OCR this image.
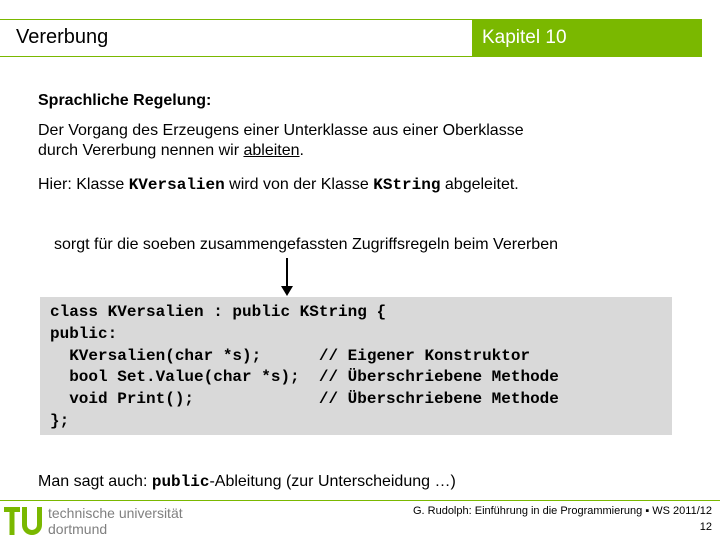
Vererbung	Kapitel 10
Sprachliche Regelung:
Der Vorgang des Erzeugens einer Unterklasse aus einer Oberklasse
durch Vererbung nennen wir ableiten.
Hier: Klasse KVersalien wird von der Klasse KString abgeleitet.
sorgt für die soeben zusammengefassten Zugriffsregeln beim Vererben
class KVersalien : public KString {
public:
KVersalien(char *s);      // Eigener Konstruktor
bool Set.Value(char *s);  // Überschriebene Methode
void Print();             // Überschriebene Methode
};
Man sagt auch: public-Ableitung (zur Unterscheidung …)
technische universität
dortmund
G. Rudolph: Einführung in die Programmierung ▪ WS 2011/12
12
